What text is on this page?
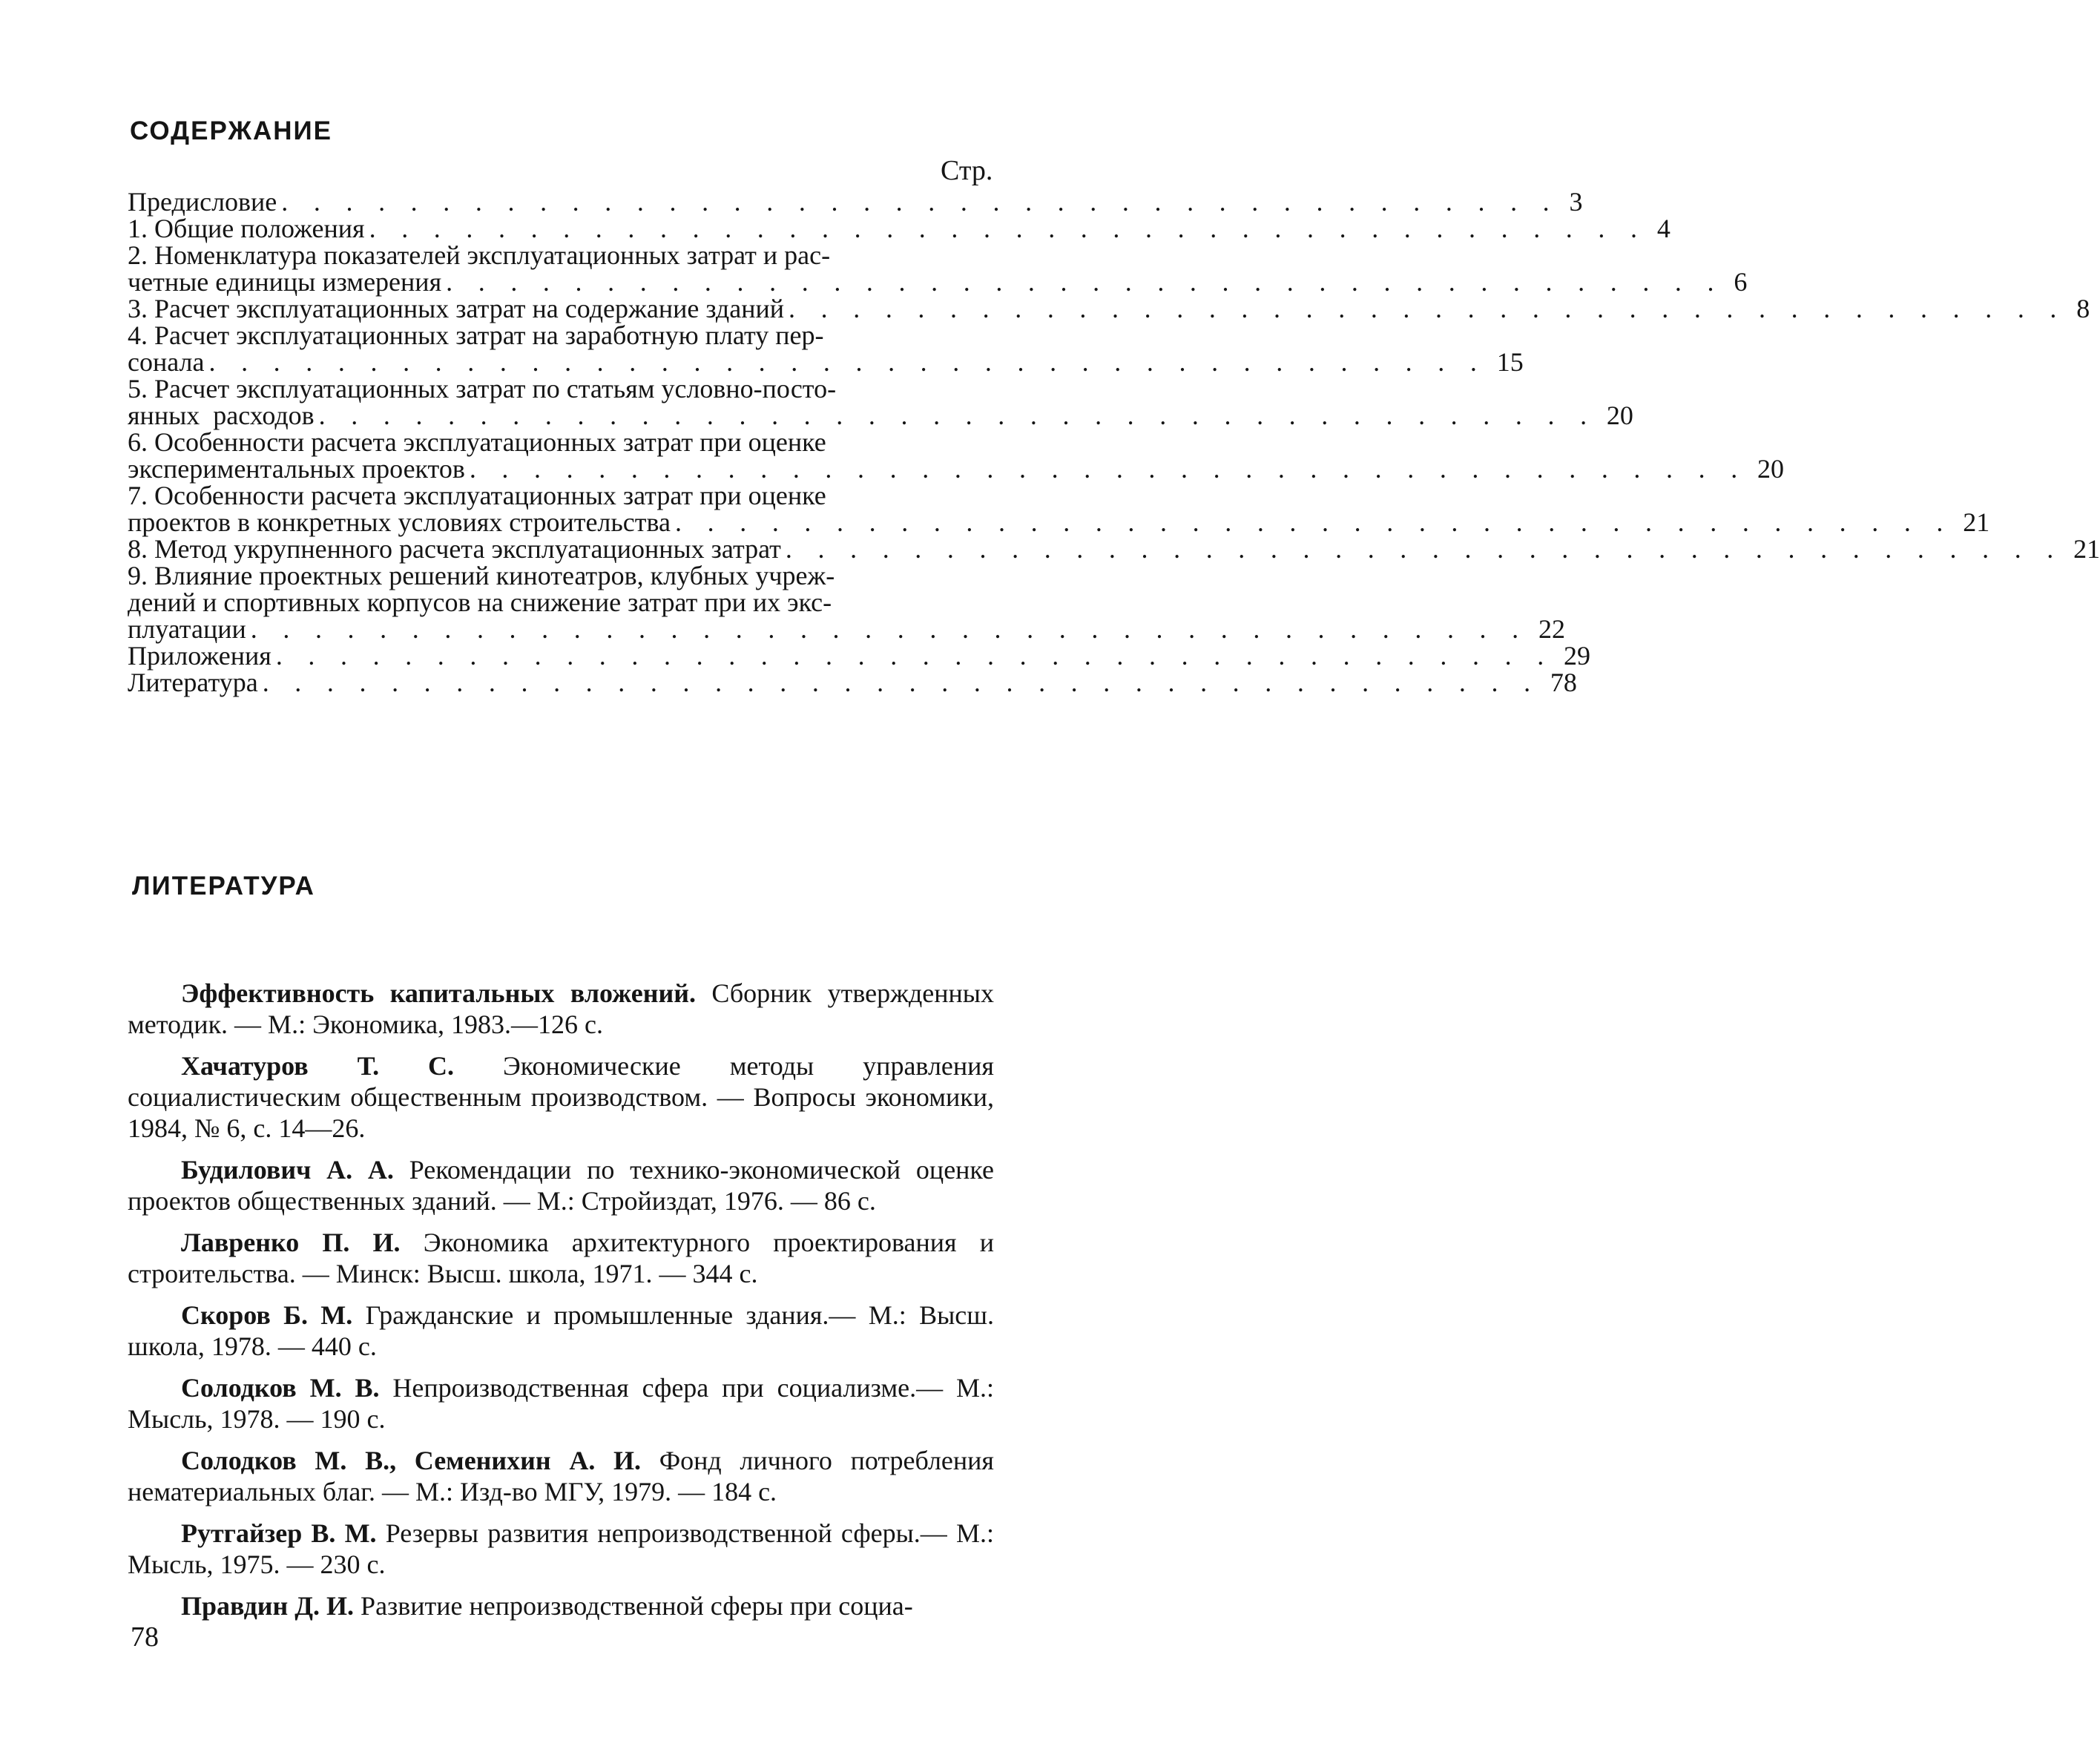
СОДЕРЖАНИЕ
Стр.
Предисловие . . . . . . . . . . . . . . . . . . . . . . . . . . . . . . . . . . . . . . . . 3
1. Общие положения . . . . . . . . . . . . . . . . . . . . . . . . . . . . . . . . . . . . . . . . 4
2. Номенклатура показателей эксплуатационных затрат и рас-
четные единицы измерения . . . . . . . . . . . . . . . . . . . . . . . . . . . . . . . . . . . . . . . . 6
3. Расчет эксплуатационных затрат на содержание зданий . . . . . . . . . . . . . . . . . . . . . . . . . . . . . . . . . . . . . . . . 8
4. Расчет эксплуатационных затрат на заработную плату пер-
сонала . . . . . . . . . . . . . . . . . . . . . . . . . . . . . . . . . . . . . . . . 15
5. Расчет эксплуатационных затрат по статьям условно-посто-
янных  расходов . . . . . . . . . . . . . . . . . . . . . . . . . . . . . . . . . . . . . . . . 20
6. Особенности расчета эксплуатационных затрат при оценке
экспериментальных проектов . . . . . . . . . . . . . . . . . . . . . . . . . . . . . . . . . . . . . . . . 20
7. Особенности расчета эксплуатационных затрат при оценке
проектов в конкретных условиях строительства . . . . . . . . . . . . . . . . . . . . . . . . . . . . . . . . . . . . . . . . 21
8. Метод укрупненного расчета эксплуатационных затрат . . . . . . . . . . . . . . . . . . . . . . . . . . . . . . . . . . . . . . . . 21
9. Влияние проектных решений кинотеатров, клубных учреж-
дений и спортивных корпусов на снижение затрат при их экс-
плуатации . . . . . . . . . . . . . . . . . . . . . . . . . . . . . . . . . . . . . . . . 22
Приложения . . . . . . . . . . . . . . . . . . . . . . . . . . . . . . . . . . . . . . . . 29
Литература . . . . . . . . . . . . . . . . . . . . . . . . . . . . . . . . . . . . . . . . 78
ЛИТЕРАТУРА

Эффективность капитальных вложений. Сборник утвержденных методик. — М.: Экономика, 1983.—126 с.

Хачатуров Т. С. Экономические методы управления социалистическим общественным производством. — Вопросы экономики, 1984, № 6, с. 14—26.

Будилович А. А. Рекомендации по технико-экономической оценке проектов общественных зданий. — М.: Стройиздат, 1976. — 86 с.

Лавренко П. И. Экономика архитектурного проектирования и строительства. — Минск: Высш. школа, 1971. — 344 с.

Скоров Б. М. Гражданские и промышленные здания.— М.: Высш. школа, 1978. — 440 с.

Солодков М. В. Непроизводственная сфера при социализме.— М.: Мысль, 1978. — 190 с.

Солодков М. В., Семенихин А. И. Фонд личного потребления нематериальных благ. — М.: Изд-во МГУ, 1979. — 184 с.

Рутгайзер В. М. Резервы развития непроизводственной сферы.— М.: Мысль, 1975. — 230 с.

Правдин Д. И. Развитие непроизводственной сферы при социа-

78
